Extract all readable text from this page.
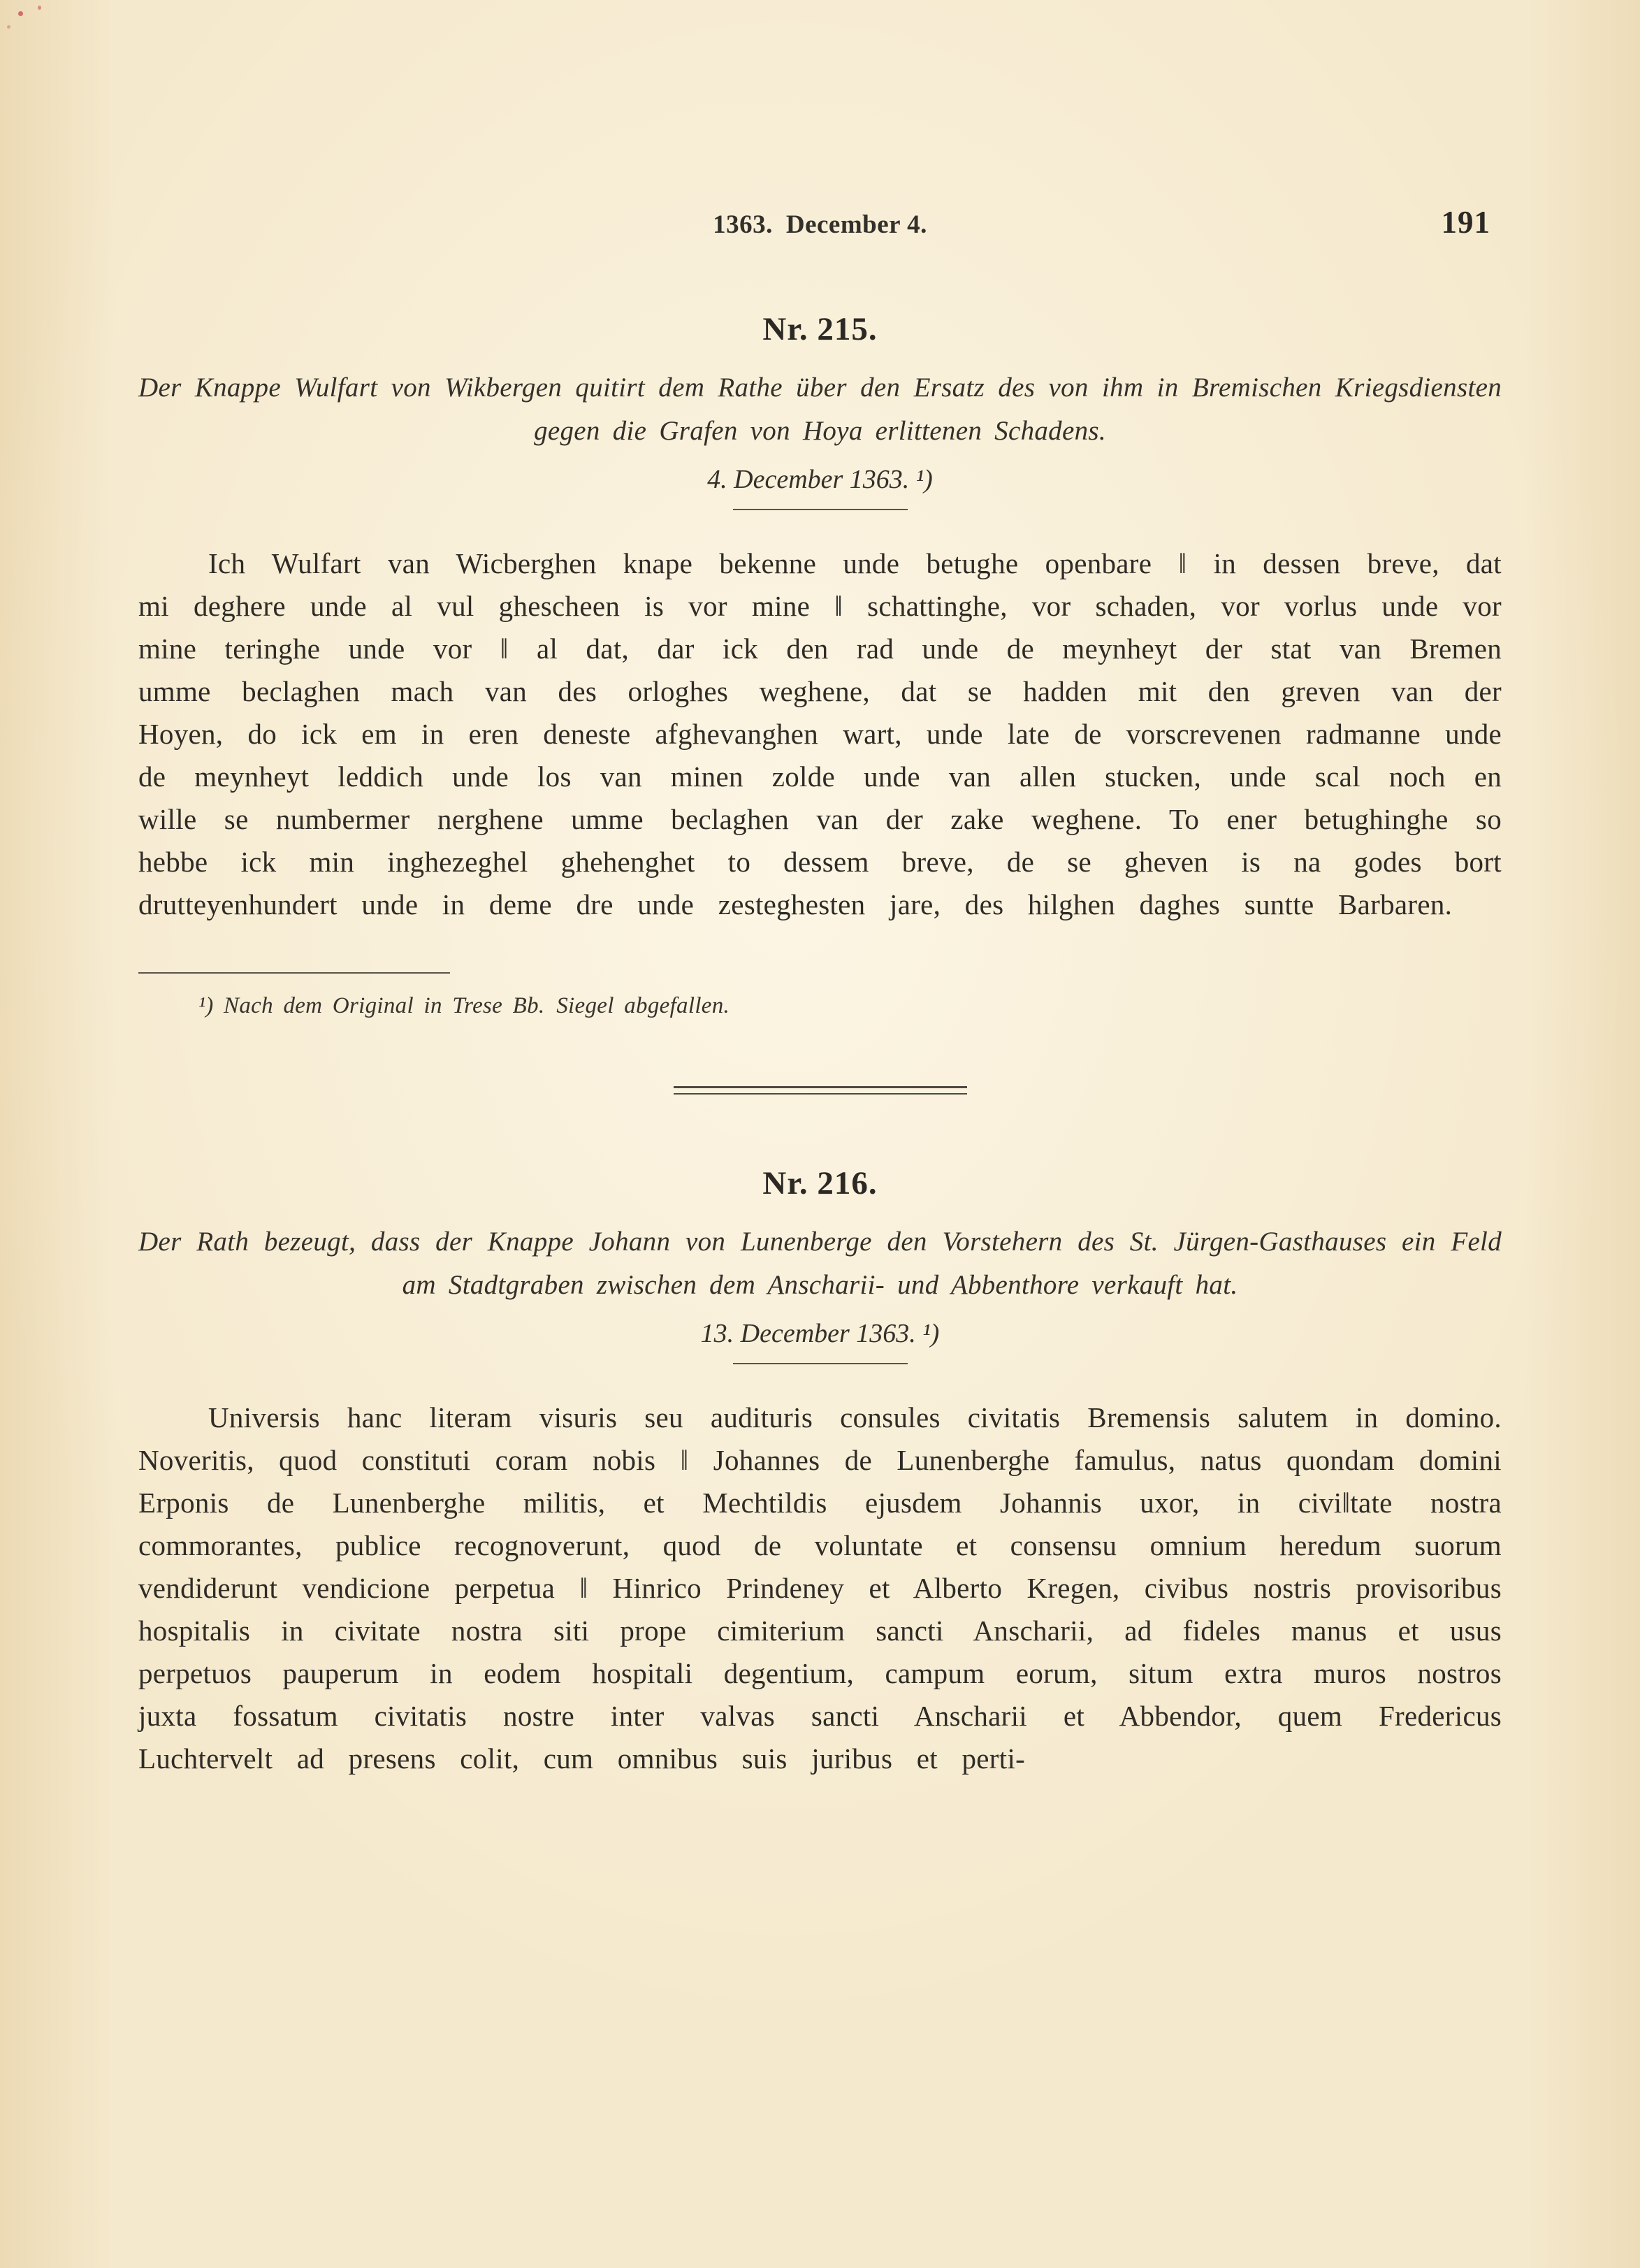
1363. December 4.	191
Nr. 215.

Der Knappe Wulfart von Wikbergen quitirt dem Rathe über den Ersatz des von ihm in Bremischen Kriegsdiensten gegen die Grafen von Hoya erlittenen Schadens.

4. December 1363. ¹)

Ich Wulfart van Wicberghen knape bekenne unde betughe openbare ‖ in dessen breve, dat mi deghere unde al vul ghescheen is vor mine ‖ schattinghe, vor schaden, vor vorlus unde vor mine teringhe unde vor ‖ al dat, dar ick den rad unde de meynheyt der stat van Bremen umme beclaghen mach van des orloghes weghene, dat se hadden mit den greven van der Hoyen, do ick em in eren deneste afghevanghen wart, unde late de vorscrevenen radmanne unde de meynheyt leddich unde los van minen zolde unde van allen stucken, unde scal noch en wille se numbermer nerghene umme beclaghen van der zake weghene. To ener betughinghe so hebbe ick min inghezeghel ghehenghet to dessem breve, de se gheven is na godes bort drutteyenhundert unde in deme dre unde zesteghesten jare, des hilghen daghes suntte Barbaren.

¹) Nach dem Original in Trese Bb. Siegel abgefallen.

Nr. 216.

Der Rath bezeugt, dass der Knappe Johann von Lunenberge den Vorstehern des St. Jürgen-Gasthauses ein Feld am Stadtgraben zwischen dem Anscharii- und Abbenthore verkauft hat.

13. December 1363. ¹)

Universis hanc literam visuris seu audituris consules civitatis Bremensis salutem in domino. Noveritis, quod constituti coram nobis ‖ Johannes de Lunenberghe famulus, natus quondam domini Erponis de Lunenberghe militis, et Mechtildis ejusdem Johannis uxor, in civi‖tate nostra commorantes, publice recognoverunt, quod de voluntate et consensu omnium heredum suorum vendiderunt vendicione perpetua ‖ Hinrico Prindeney et Alberto Kregen, civibus nostris provisoribus hospitalis in civitate nostra siti prope cimiterium sancti Anscharii, ad fideles manus et usus perpetuos pauperum in eodem hospitali degentium, campum eorum, situm extra muros nostros juxta fossatum civitatis nostre inter valvas sancti Anscharii et Abbendor, quem Fredericus Luchtervelt ad presens colit, cum omnibus suis juribus et perti-
